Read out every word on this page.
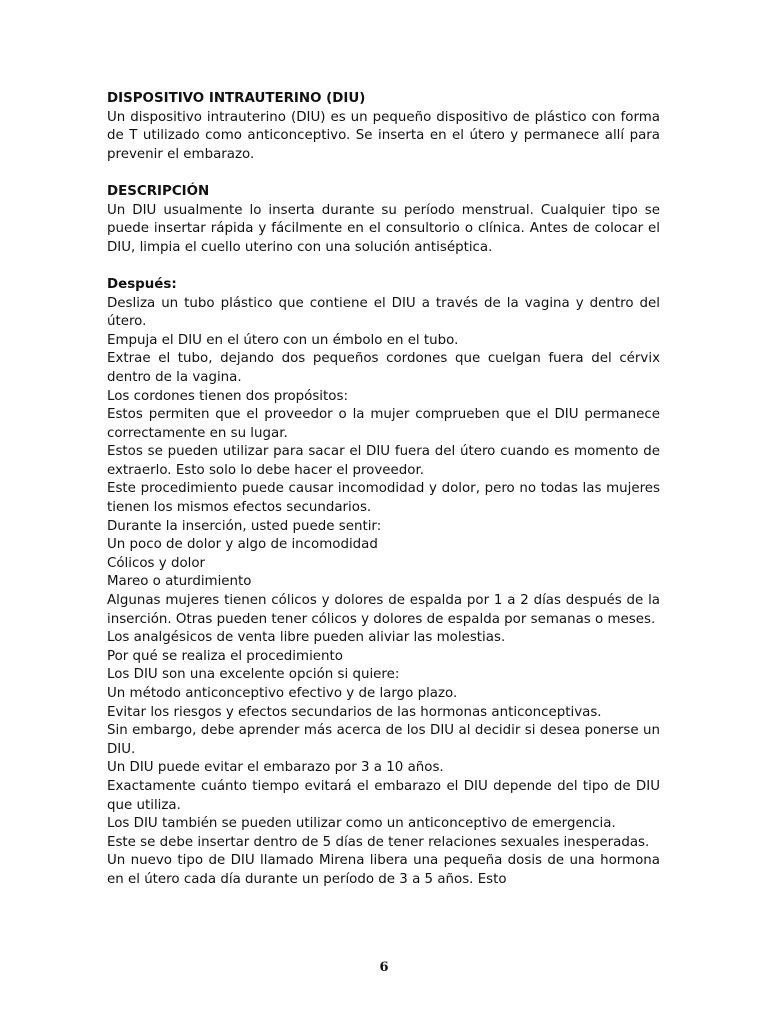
DISPOSITIVO INTRAUTERINO (DIU)

Un dispositivo intrauterino (DIU) es un pequeño dispositivo de plástico con forma de T utilizado como anticonceptivo. Se inserta en el útero y permanece allí para prevenir el embarazo.

DESCRIPCIÓN

Un DIU usualmente lo inserta durante su período menstrual. Cualquier tipo se puede insertar rápida y fácilmente en el consultorio o clínica. Antes de colocar el DIU, limpia el cuello uterino con una solución antiséptica.

Después:

Desliza un tubo plástico que contiene el DIU a través de la vagina y dentro del útero.

Empuja el DIU en el útero con un émbolo en el tubo.

Extrae el tubo, dejando dos pequeños cordones que cuelgan fuera del cérvix dentro de la vagina.

Los cordones tienen dos propósitos:

Estos permiten que el proveedor o la mujer comprueben que el DIU permanece correctamente en su lugar.

Estos se pueden utilizar para sacar el DIU fuera del útero cuando es momento de extraerlo. Esto solo lo debe hacer el proveedor.

Este procedimiento puede causar incomodidad y dolor, pero no todas las mujeres tienen los mismos efectos secundarios.

Durante la inserción, usted puede sentir:

Un poco de dolor y algo de incomodidad

Cólicos y dolor

Mareo o aturdimiento

Algunas mujeres tienen cólicos y dolores de espalda por 1 a 2 días después de la inserción. Otras pueden tener cólicos y dolores de espalda por semanas o meses.

Los analgésicos de venta libre pueden aliviar las molestias.

Por qué se realiza el procedimiento

Los DIU son una excelente opción si quiere:

Un método anticonceptivo efectivo y de largo plazo.

Evitar los riesgos y efectos secundarios de las hormonas anticonceptivas.

Sin embargo, debe aprender más acerca de los DIU al decidir si desea ponerse un DIU.

Un DIU puede evitar el embarazo por 3 a 10 años.

Exactamente cuánto tiempo evitará el embarazo el DIU depende del tipo de DIU que utiliza.

Los DIU también se pueden utilizar como un anticonceptivo de emergencia.

Este se debe insertar dentro de 5 días de tener relaciones sexuales inesperadas.

Un nuevo tipo de DIU llamado Mirena libera una pequeña dosis de una hormona en el útero cada día durante un período de 3 a 5 años. Esto

6
